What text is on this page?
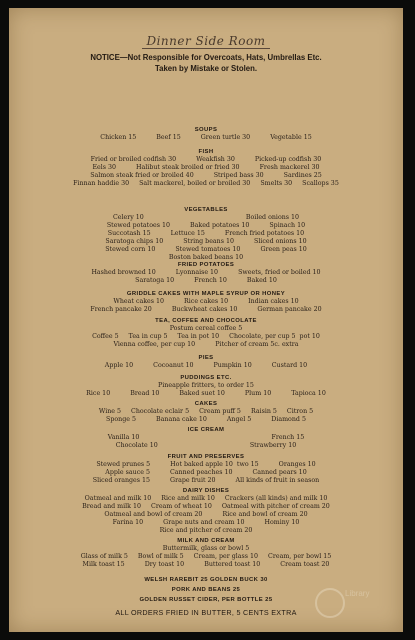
Dinner Side Room
NOTICE—Not Responsible for Overcoats, Hats, Umbrellas Etc.
Taken by Mistake or Stolen.
SOUPS
Chicken 15          Beef 15          Green turtle 30          Vegetable 15
FISH
Fried or broiled codfish 30          Weakfish 30          Picked-up codfish 30
Eels 30          Halibut steak broiled or fried 30          Fresh mackerel 30
Salmon steak fried or broiled 40          Striped bass 30          Sardines 25
Finnan haddie 30     Salt mackerel, boiled or broiled 30     Smelts 30     Scallops 35
VEGETABLES
Celery 10                                                   Boiled onions 10
Stewed potatoes 10          Baked potatoes 10          Spinach 10
Succotash 15          Lettuce 15          French fried potatoes 10
Saratoga chips 10          String beans 10          Sliced onions 10
Stewed corn 10          Stewed tomatoes 10          Green peas 10
Boston baked beans 10
FRIED POTATOES
Hashed browned 10          Lyonnaise 10          Sweets, fried or boiled 10
Saratoga 10          French 10          Baked 10
GRIDDLE CAKES WITH MAPLE SYRUP OR HONEY
Wheat cakes 10          Rice cakes 10          Indian cakes 10
French pancake 20          Buckwheat cakes 10          German pancake 20
TEA, COFFEE AND CHOCOLATE
Postum cereal coffee 5
Coffee 5     Tea in cup 5     Tea in pot 10     Chocolate, per cup 5  pot 10
Vienna coffee, per cup 10          Pitcher of cream 5c. extra
PIES
Apple 10          Cocoanut 10          Pumpkin 10          Custard 10
PUDDINGS ETC.
Pineapple fritters, to order 15
Rice 10          Bread 10          Baked suet 10          Plum 10          Tapioca 10
CAKES
Wine 5     Chocolate eclair 5     Cream puff 5     Raisin 5     Citron 5
Sponge 5          Banana cake 10          Angel 5          Diamond 5
ICE CREAM
Vanilla 10                                                                  French 15
Chocolate 10                                              Strawberry 10
FRUIT AND PRESERVES
Stewed prunes 5          Hot baked apple 10  two 15          Oranges 10
Apple sauce 5          Canned peaches 10          Canned pears 10
Sliced oranges 15          Grape fruit 20          All kinds of fruit in season
DAIRY DISHES
Oatmeal and milk 10     Rice and milk 10     Crackers (all kinds) and milk 10
Bread and milk 10     Cream of wheat 10     Oatmeal with pitcher of cream 20
Oatmeal and bowl of cream 20          Rice and bowl of cream 20
Farina 10          Grape nuts and cream 10          Hominy 10
Rice and pitcher of cream 20
MILK AND CREAM
Buttermilk, glass or bowl 5
Glass of milk 5     Bowl of milk 5     Cream, per glass 10     Cream, per bowl 15
Milk toast 15          Dry toast 10          Buttered toast 10          Cream toast 20
WELSH RAREBIT 25 GOLDEN BUCK 30
PORK AND BEANS 25
GOLDEN RUSSET CIDER, PER BOTTLE 25
ALL ORDERS FRIED IN BUTTER, 5 CENTS EXTRA
Library
